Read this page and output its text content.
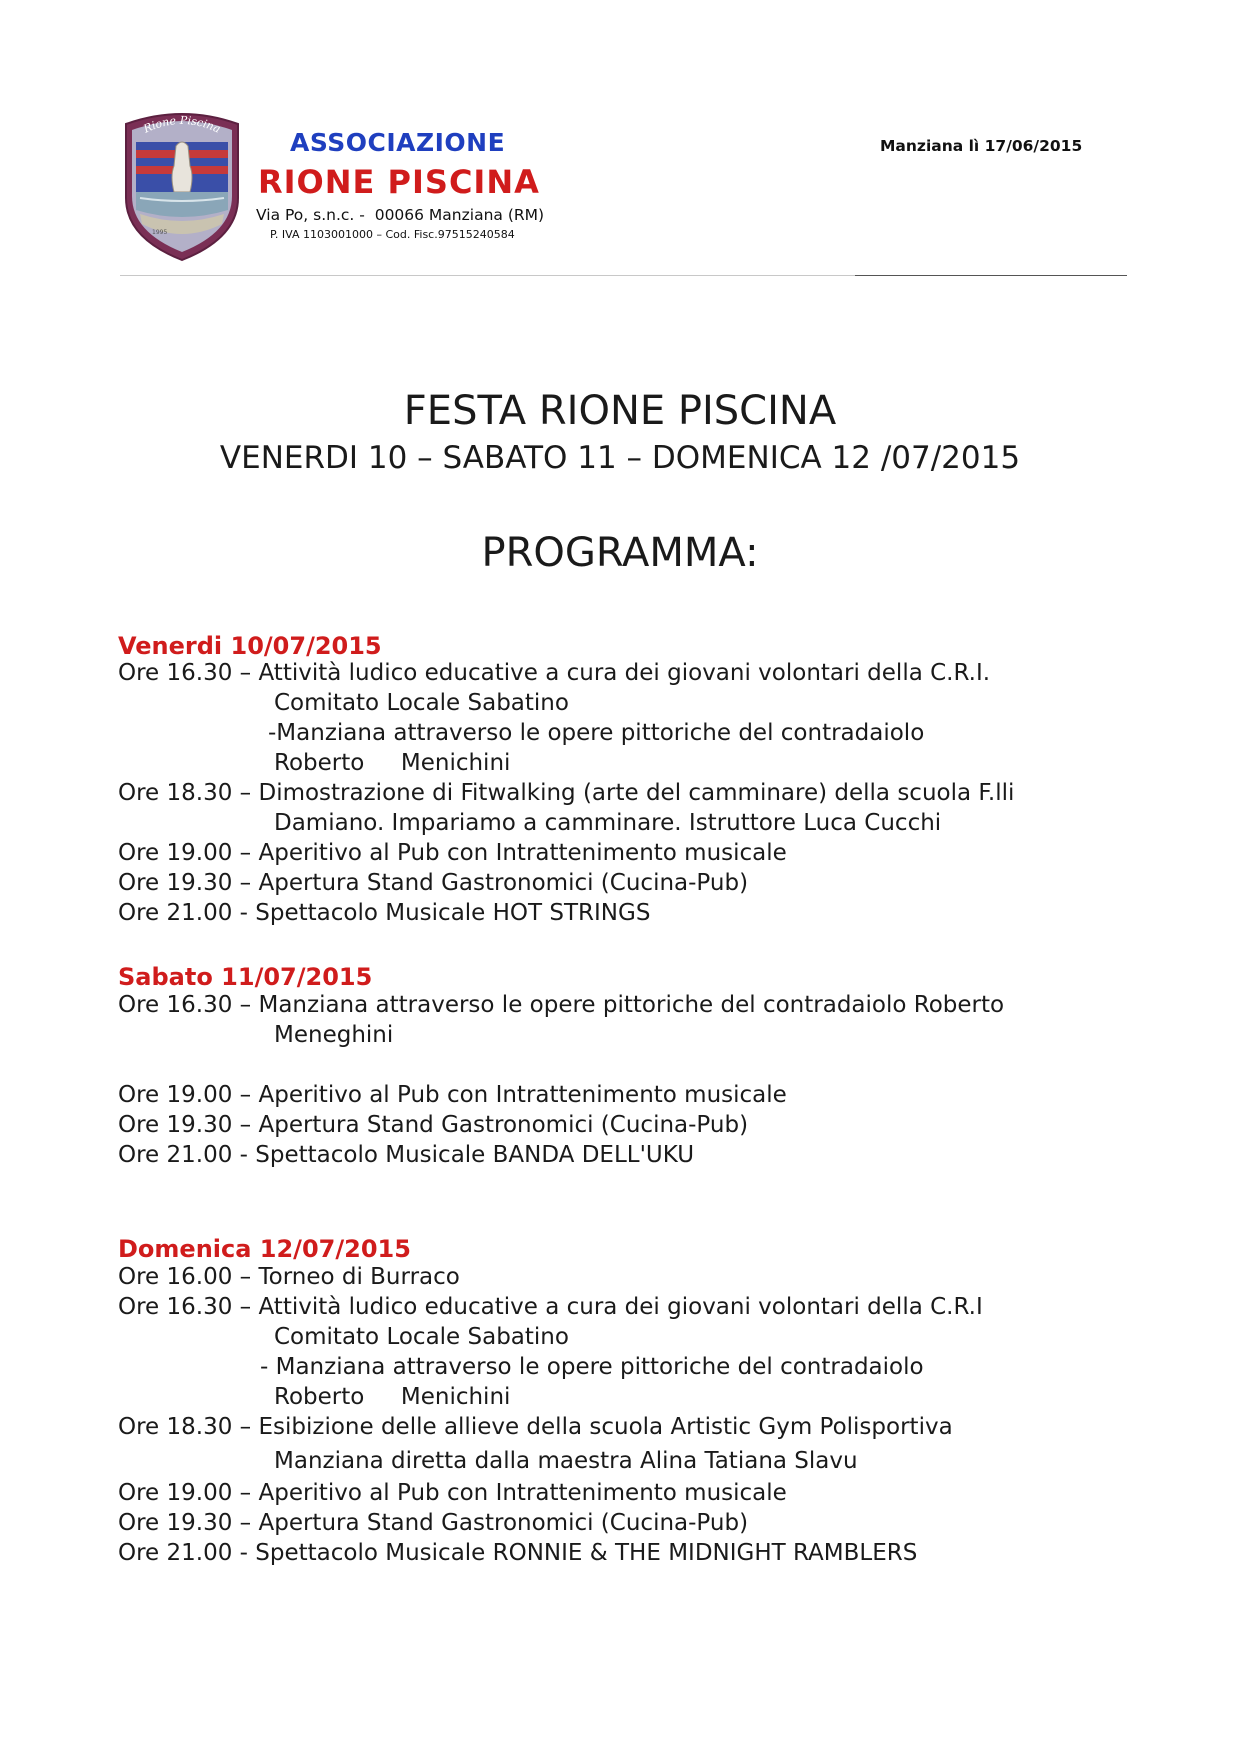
Rione Piscina
1995
ASSOCIAZIONE
RIONE PISCINA
Via Po, s.n.c. -  00066 Manziana (RM)
P. IVA 1103001000 – Cod. Fisc.97515240584
Manziana lì 17/06/2015
FESTA RIONE PISCINA
VENERDI 10 – SABATO 11 – DOMENICA 12 /07/2015
PROGRAMMA:
Venerdi 10/07/2015
Ore 16.30 – Attività ludico educative a cura dei giovani volontari della C.R.I.
Comitato Locale Sabatino
-Manziana attraverso le opere pittoriche del contradaiolo
Roberto     Menichini
Ore 18.30 – Dimostrazione di Fitwalking (arte del camminare) della scuola F.lli
Damiano. Impariamo a camminare. Istruttore Luca Cucchi
Ore 19.00 – Aperitivo al Pub con Intrattenimento musicale
Ore 19.30 – Apertura Stand Gastronomici (Cucina-Pub)
Ore 21.00 - Spettacolo Musicale HOT STRINGS
Sabato 11/07/2015
Ore 16.30 – Manziana attraverso le opere pittoriche del contradaiolo Roberto
Meneghini
Ore 19.00 – Aperitivo al Pub con Intrattenimento musicale
Ore 19.30 – Apertura Stand Gastronomici (Cucina-Pub)
Ore 21.00 - Spettacolo Musicale BANDA DELL'UKU
Domenica 12/07/2015
Ore 16.00 – Torneo di Burraco
Ore 16.30 – Attività ludico educative a cura dei giovani volontari della C.R.I
Comitato Locale Sabatino
- Manziana attraverso le opere pittoriche del contradaiolo
Roberto     Menichini
Ore 18.30 – Esibizione delle allieve della scuola Artistic Gym Polisportiva
Manziana diretta dalla maestra Alina Tatiana Slavu
Ore 19.00 – Aperitivo al Pub con Intrattenimento musicale
Ore 19.30 – Apertura Stand Gastronomici (Cucina-Pub)
Ore 21.00 - Spettacolo Musicale RONNIE & THE MIDNIGHT RAMBLERS
